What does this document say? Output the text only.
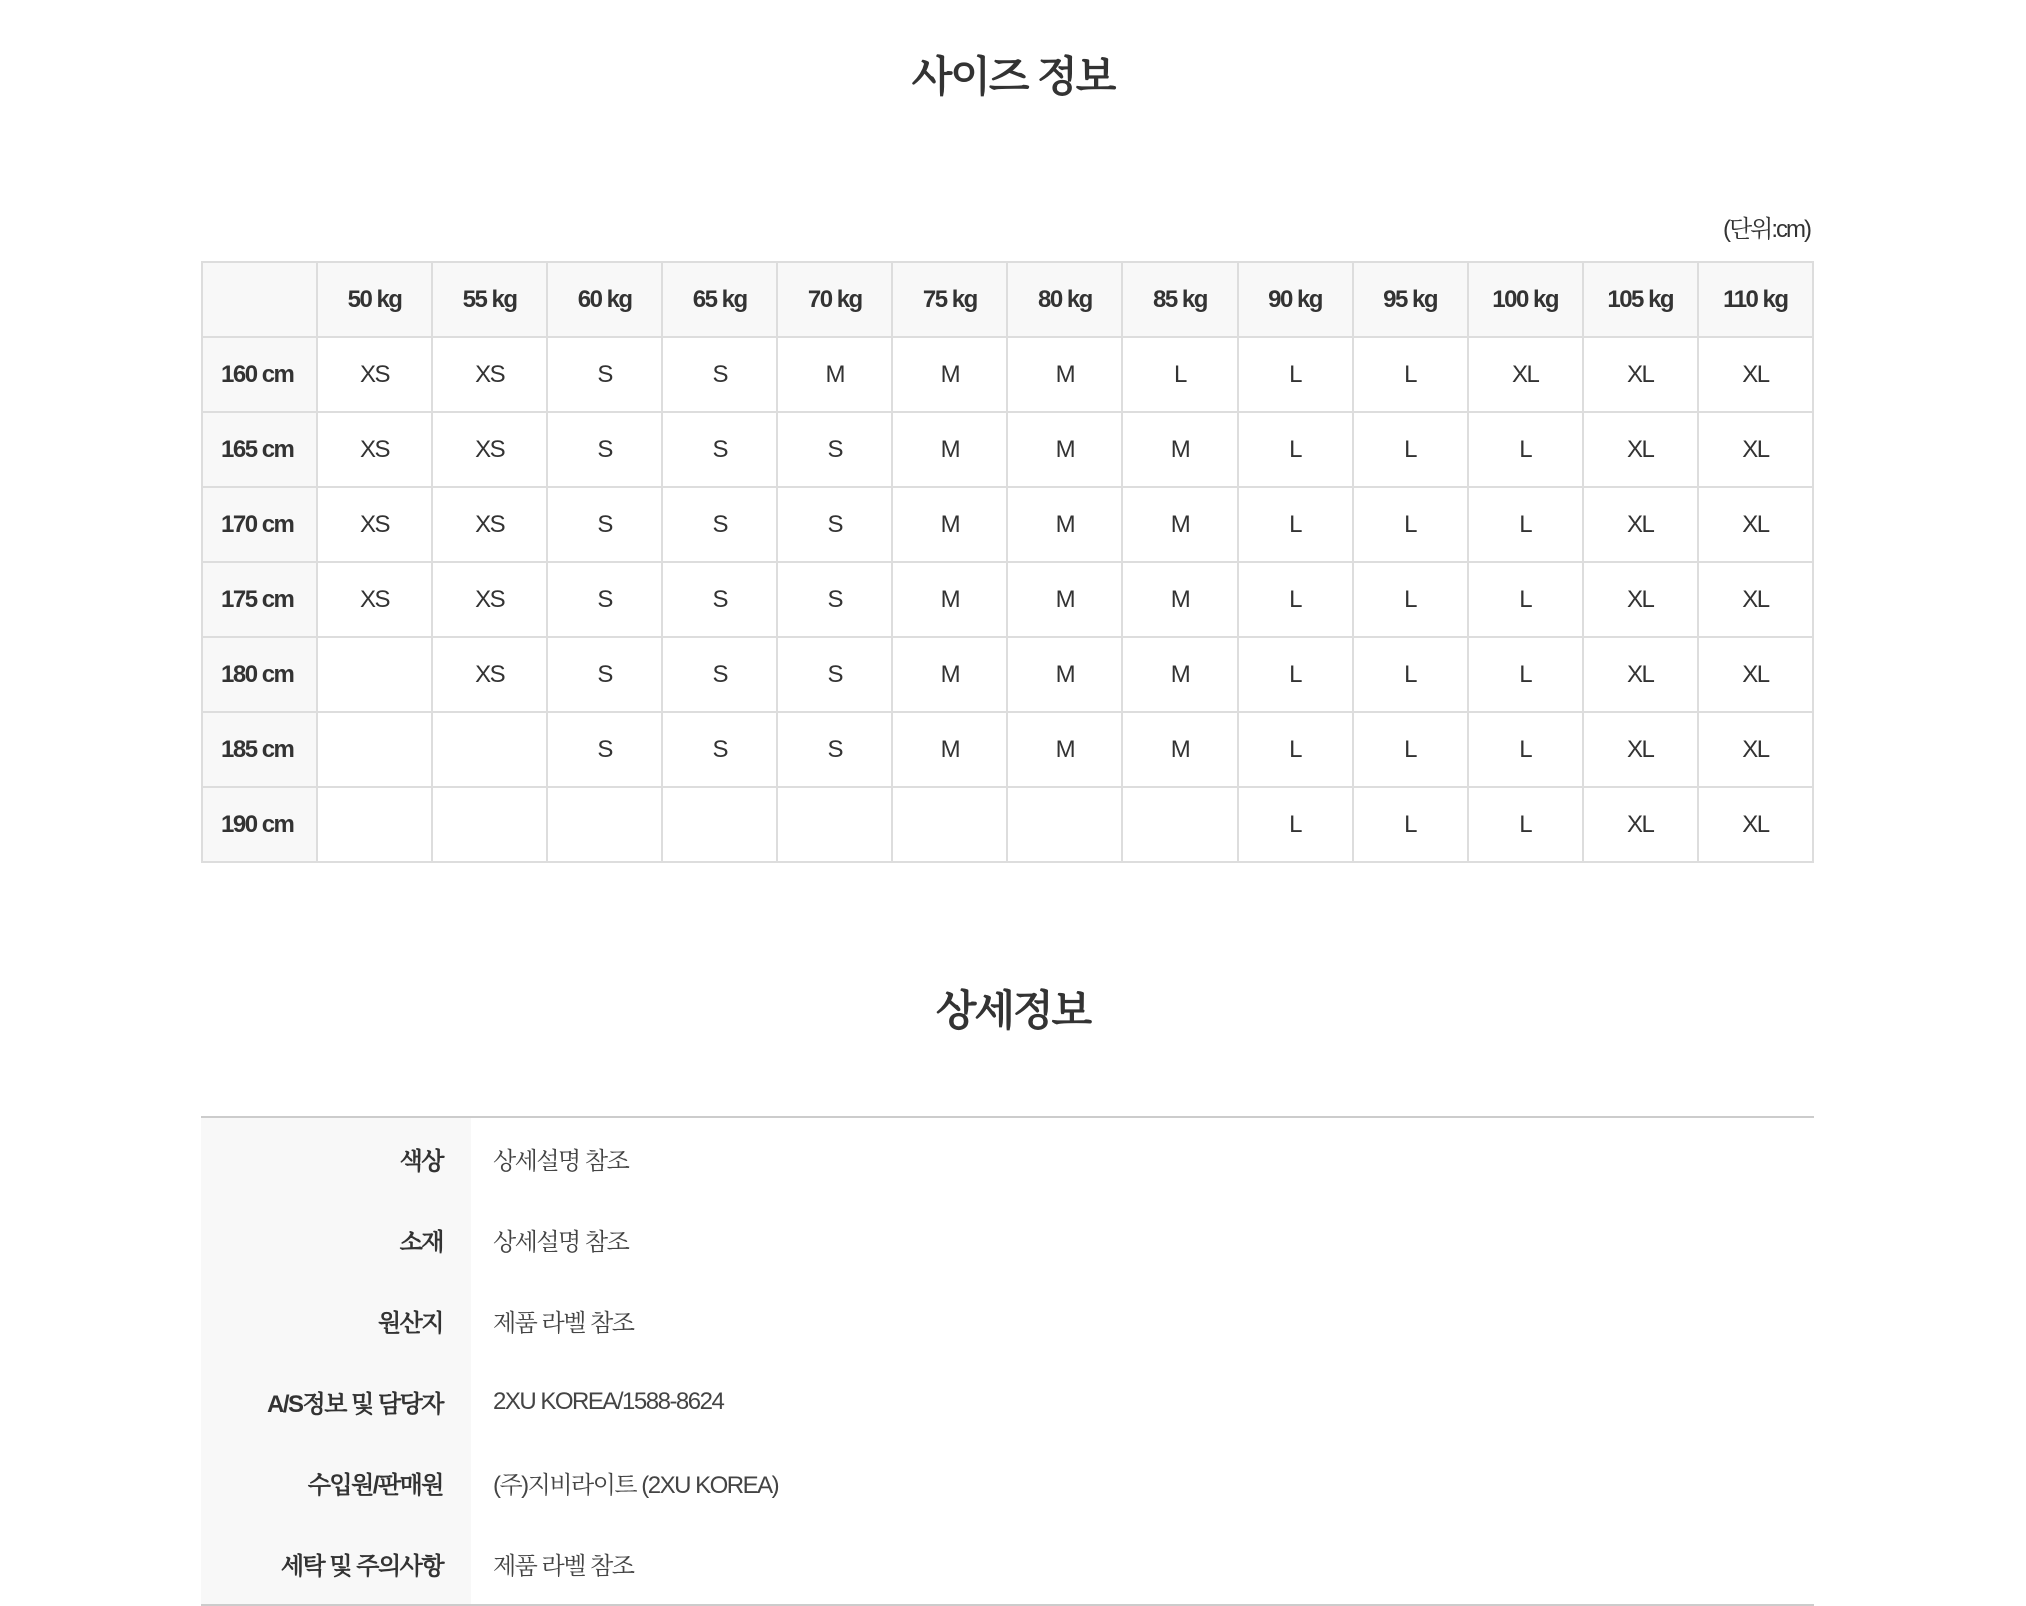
사이즈 정보
(단위:cm)
	50 kg	55 kg	60 kg	65 kg	70 kg	75 kg	80 kg	85 kg	90 kg	95 kg	100 kg	105 kg	110 kg
160 cm	XS	XS	S	S	M	M	M	L	L	L	XL	XL	XL
165 cm	XS	XS	S	S	S	M	M	M	L	L	L	XL	XL
170 cm	XS	XS	S	S	S	M	M	M	L	L	L	XL	XL
175 cm	XS	XS	S	S	S	M	M	M	L	L	L	XL	XL
180 cm		XS	S	S	S	M	M	M	L	L	L	XL	XL
185 cm			S	S	S	M	M	M	L	L	L	XL	XL
190 cm									L	L	L	XL	XL
상세정보
색상	상세설명 참조
소재	상세설명 참조
원산지	제품 라벨 참조
A/S정보 및 담당자	2XU KOREA/1588-8624
수입원/판매원	(주)지비라이트 (2XU KOREA)
세탁 및 주의사항	제품 라벨 참조
